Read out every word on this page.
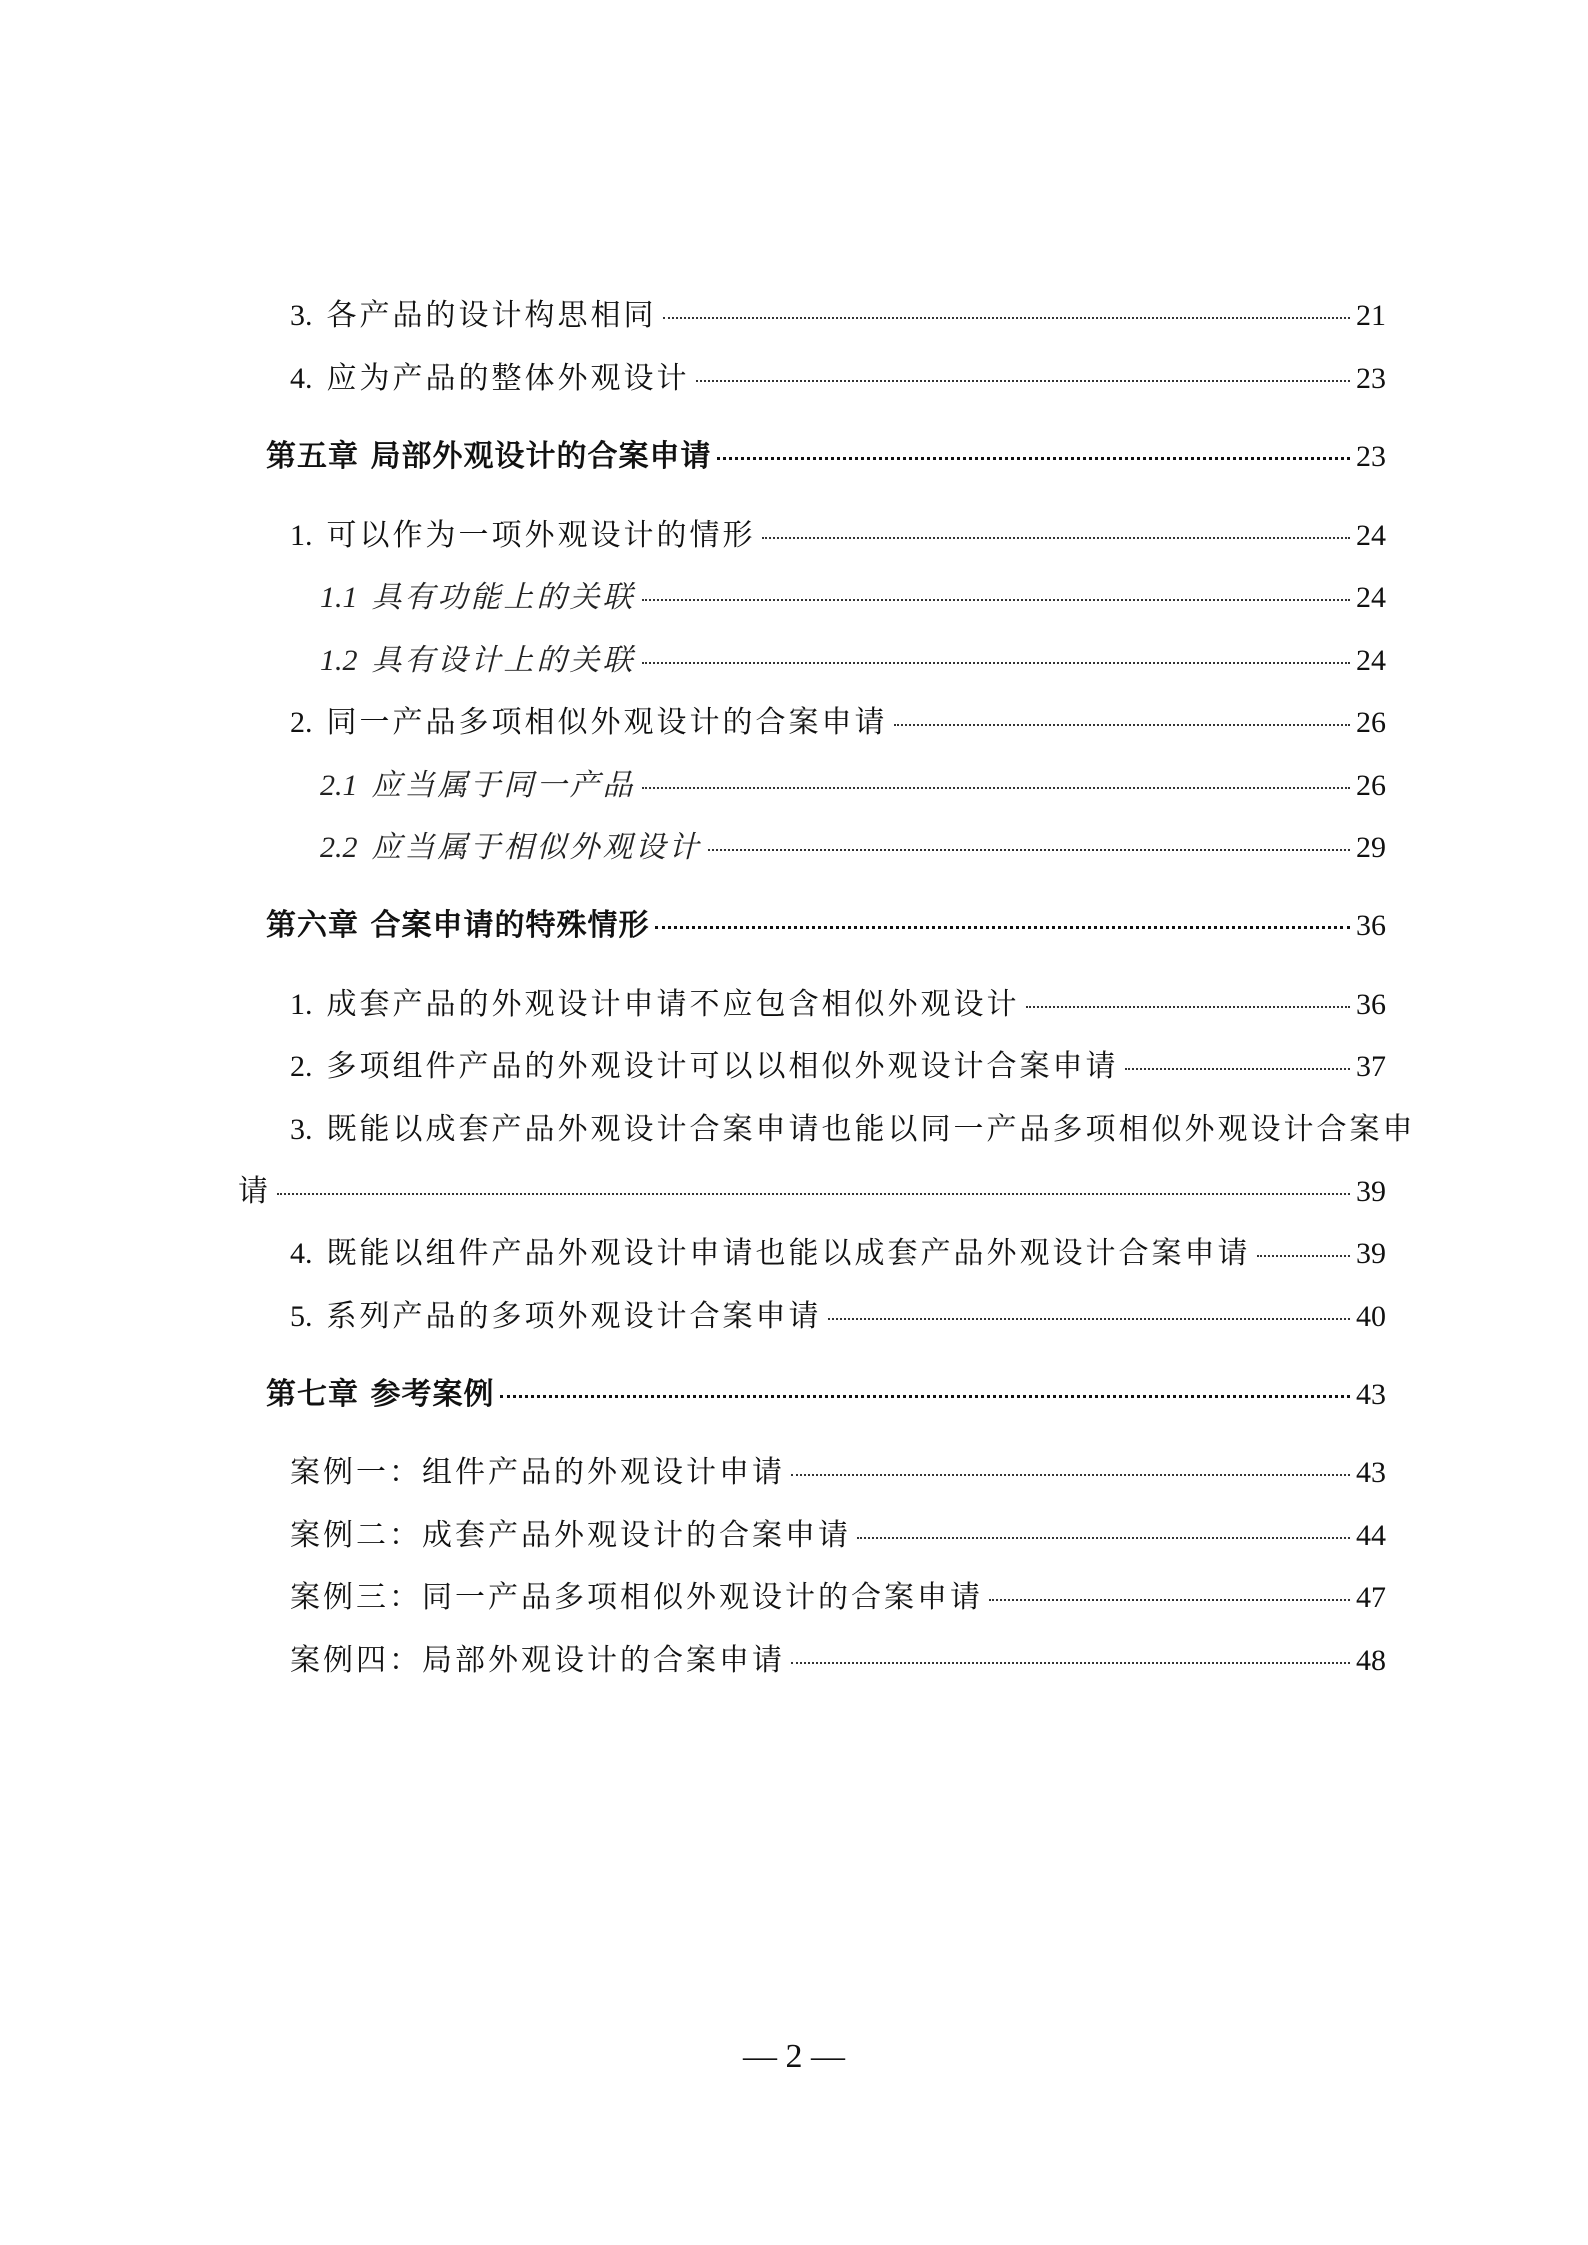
3. 各产品的设计构思相同	21
4. 应为产品的整体外观设计	23
第五章 局部外观设计的合案申请	23
1. 可以作为一项外观设计的情形	24
1.1 具有功能上的关联	24
1.2 具有设计上的关联	24
2. 同一产品多项相似外观设计的合案申请	26
2.1 应当属于同一产品	26
2.2 应当属于相似外观设计	29
第六章 合案申请的特殊情形	36
1. 成套产品的外观设计申请不应包含相似外观设计	36
2. 多项组件产品的外观设计可以以相似外观设计合案申请	37
3. 既能以成套产品外观设计合案申请也能以同一产品多项相似外观设计合案申
请	39
4. 既能以组件产品外观设计申请也能以成套产品外观设计合案申请	39
5. 系列产品的多项外观设计合案申请	40
第七章 参考案例	43
案例一：组件产品的外观设计申请	43
案例二：成套产品外观设计的合案申请	44
案例三：同一产品多项相似外观设计的合案申请	47
案例四：局部外观设计的合案申请	48
— 2 —
